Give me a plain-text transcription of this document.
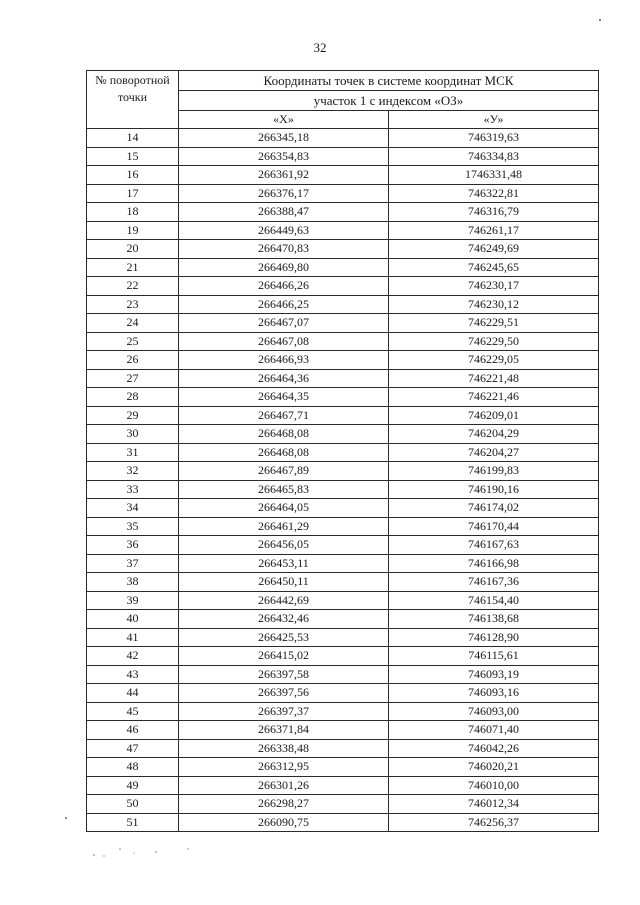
32
№ поворотной точки	Координаты точек в системе координат МСК	
	участок 1 с индексом «ОЗ»	
	«Х»	«У»
14	266345,18	746319,63
15	266354,83	746334,83
16	266361,92	1746331,48
17	266376,17	746322,81
18	266388,47	746316,79
19	266449,63	746261,17
20	266470,83	746249,69
21	266469,80	746245,65
22	266466,26	746230,17
23	266466,25	746230,12
24	266467,07	746229,51
25	266467,08	746229,50
26	266466,93	746229,05
27	266464,36	746221,48
28	266464,35	746221,46
29	266467,71	746209,01
30	266468,08	746204,29
31	266468,08	746204,27
32	266467,89	746199,83
33	266465,83	746190,16
34	266464,05	746174,02
35	266461,29	746170,44
36	266456,05	746167,63
37	266453,11	746166,98
38	266450,11	746167,36
39	266442,69	746154,40
40	266432,46	746138,68
41	266425,53	746128,90
42	266415,02	746115,61
43	266397,58	746093,19
44	266397,56	746093,16
45	266397,37	746093,00
46	266371,84	746071,40
47	266338,48	746042,26
48	266312,95	746020,21
49	266301,26	746010,00
50	266298,27	746012,34
51	266090,75	746256,37
